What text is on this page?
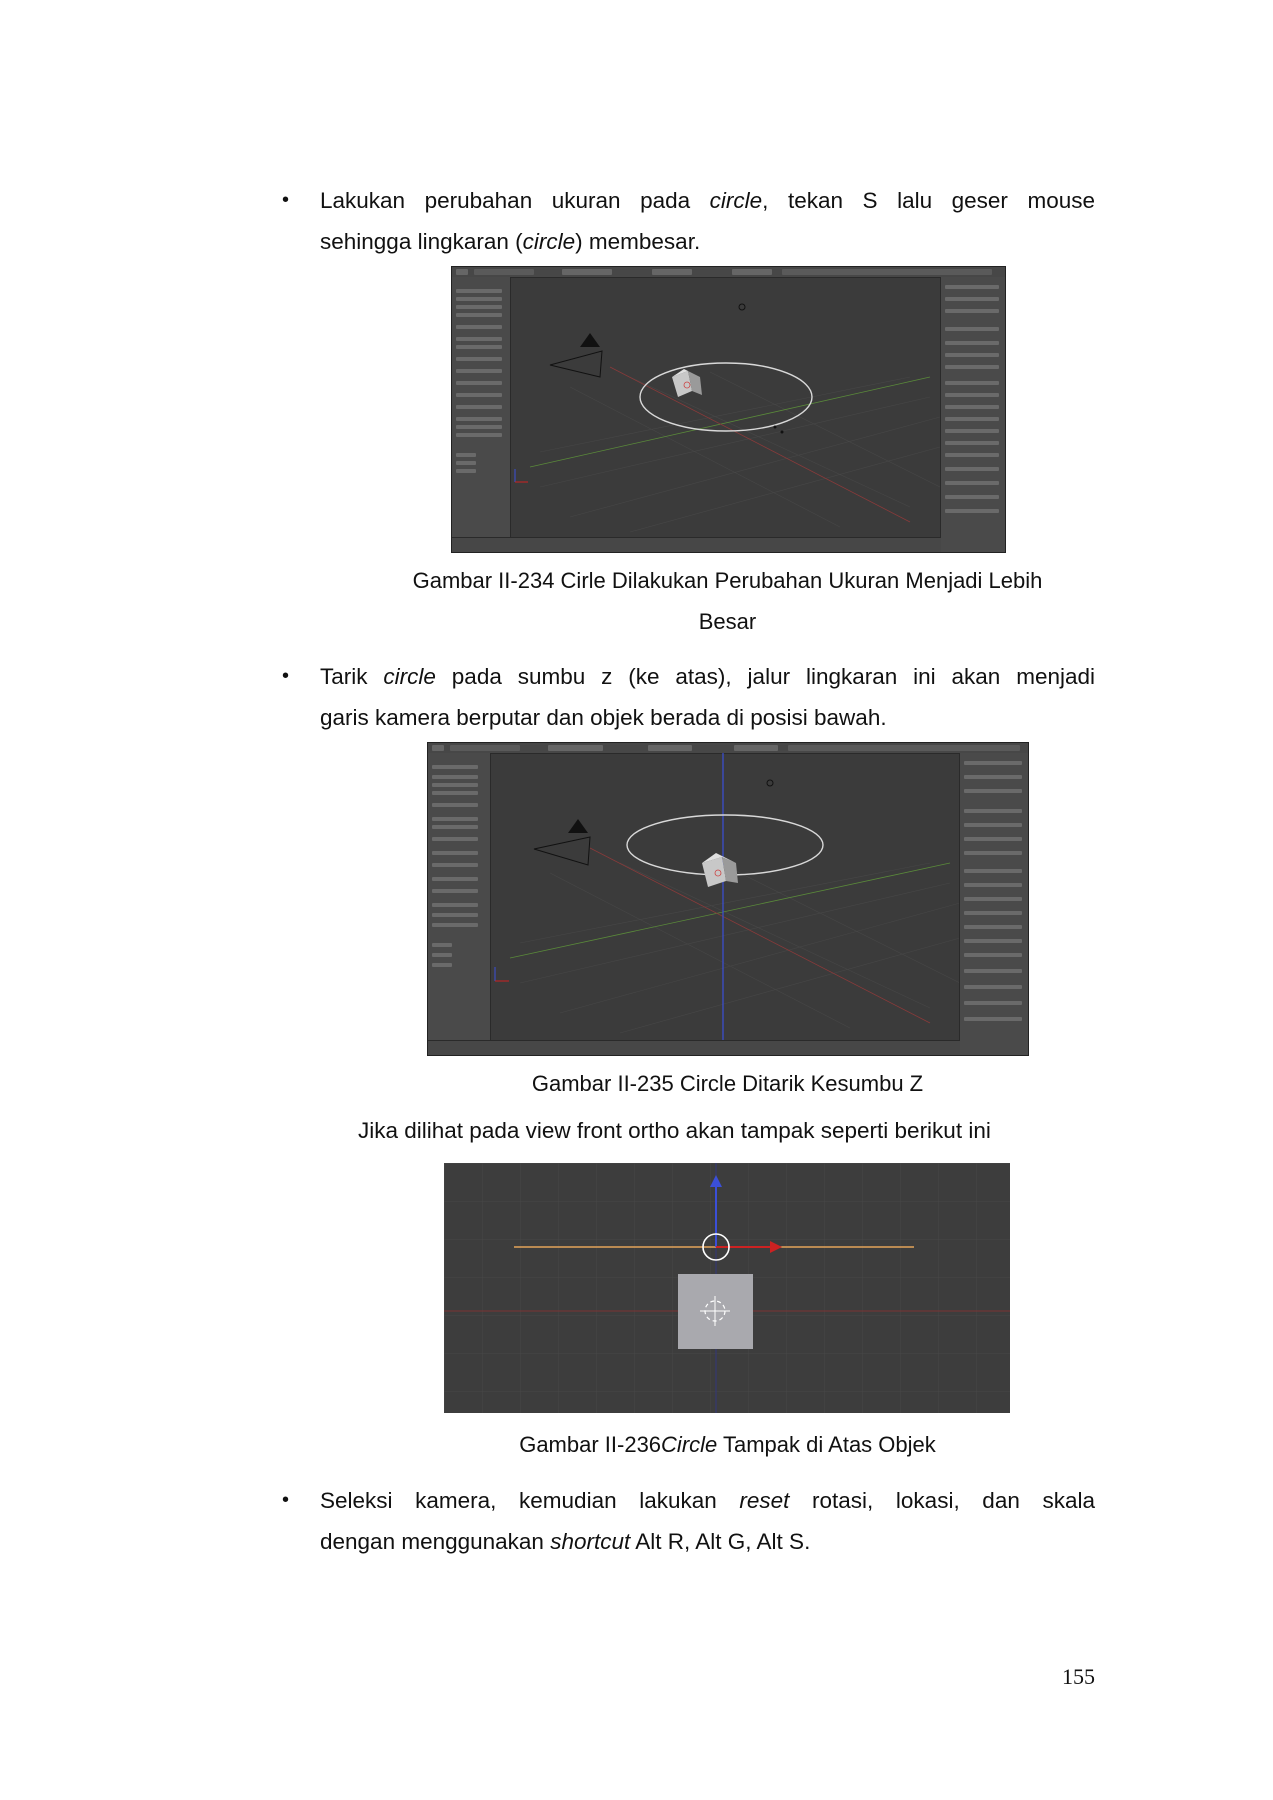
• Lakukan perubahan ukuran pada circle, tekan S lalu geser mouse
sehingga lingkaran (circle) membesar.
Gambar II-234 Cirle Dilakukan Perubahan Ukuran Menjadi Lebih
Besar
• Tarik circle pada sumbu z (ke atas), jalur lingkaran ini akan menjadi
garis kamera berputar dan objek berada di posisi bawah.
Gambar II-235 Circle Ditarik Kesumbu Z
Jika dilihat pada view front ortho akan tampak seperti berikut ini
Gambar II-236Circle Tampak di Atas Objek
• Seleksi kamera, kemudian lakukan reset rotasi, lokasi, dan skala
dengan menggunakan shortcut Alt R, Alt G, Alt S.
155
